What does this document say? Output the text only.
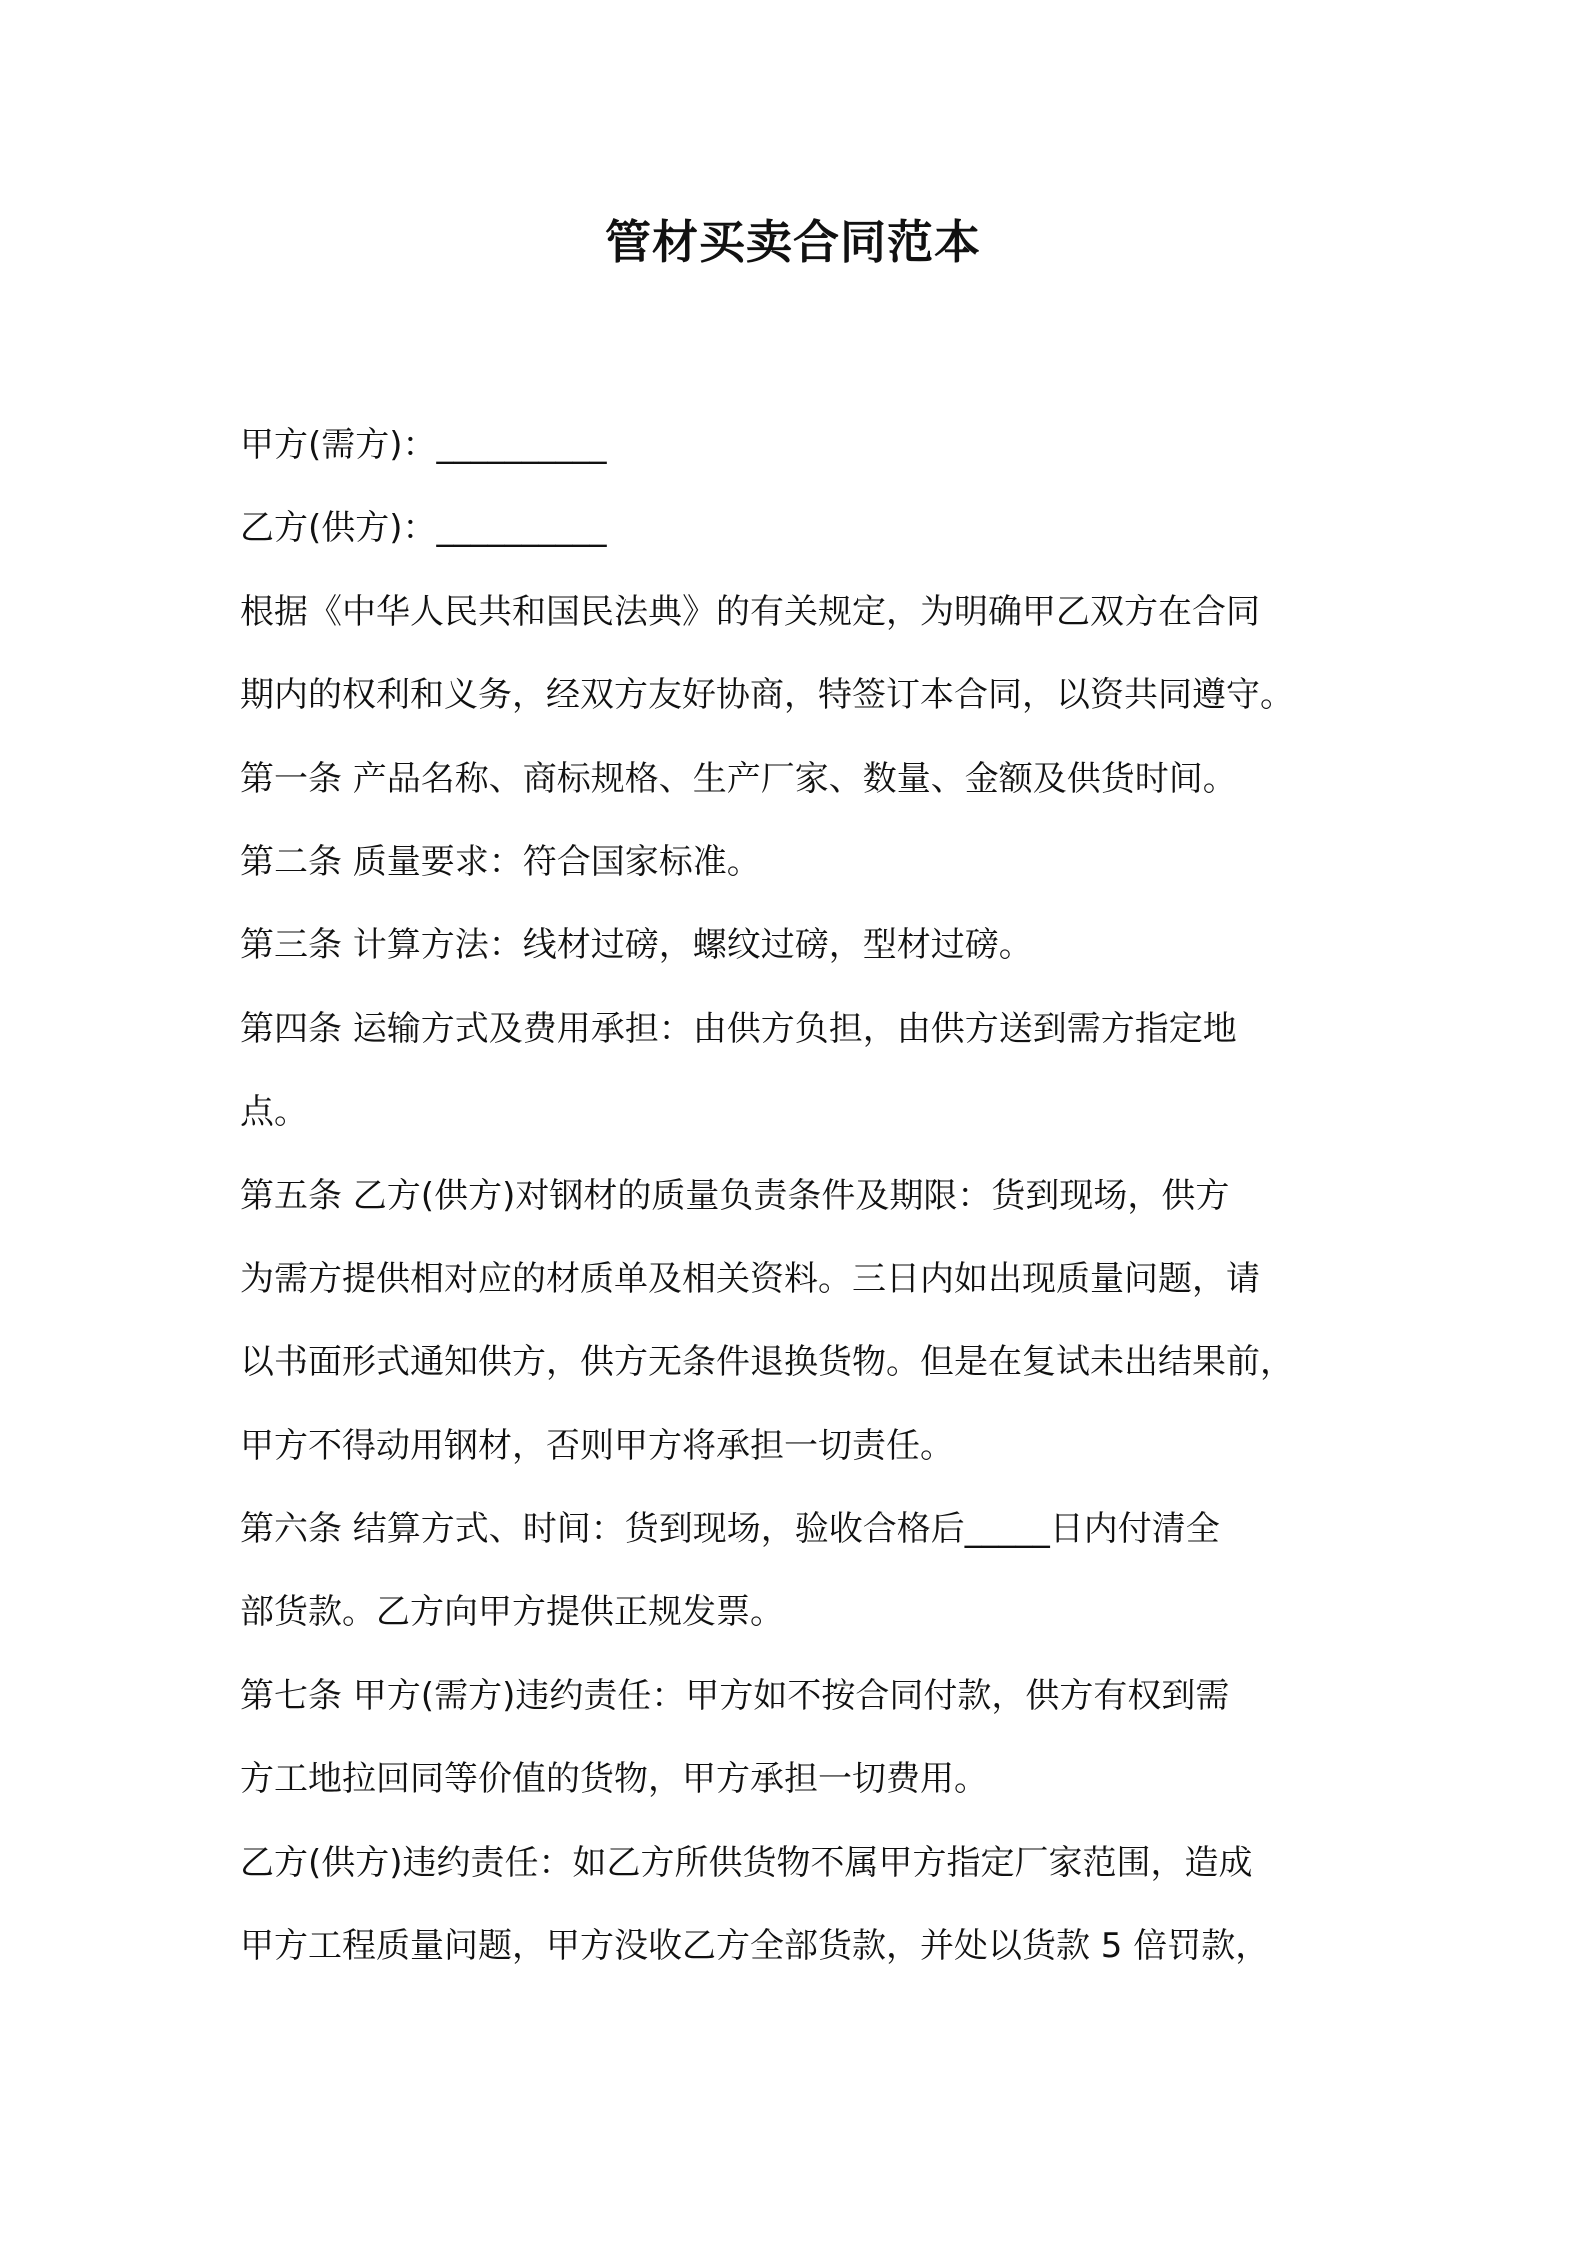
管材买卖合同范本
甲方(需方)：__________
乙方(供方)：__________
根据《中华人民共和国民法典》的有关规定，为明确甲乙双方在合同
期内的权利和义务，经双方友好协商，特签订本合同，以资共同遵守。
第一条 产品名称、商标规格、生产厂家、数量、金额及供货时间。
第二条 质量要求：符合国家标准。
第三条 计算方法：线材过磅，螺纹过磅，型材过磅。
第四条 运输方式及费用承担：由供方负担，由供方送到需方指定地
点。
第五条 乙方(供方)对钢材的质量负责条件及期限：货到现场，供方
为需方提供相对应的材质单及相关资料。三日内如出现质量问题，请
以书面形式通知供方，供方无条件退换货物。但是在复试未出结果前，
甲方不得动用钢材，否则甲方将承担一切责任。
第六条 结算方式、时间：货到现场，验收合格后_____日内付清全
部货款。乙方向甲方提供正规发票。
第七条 甲方(需方)违约责任：甲方如不按合同付款，供方有权到需
方工地拉回同等价值的货物，甲方承担一切费用。
乙方(供方)违约责任：如乙方所供货物不属甲方指定厂家范围，造成
甲方工程质量问题，甲方没收乙方全部货款，并处以货款 5 倍罚款，
